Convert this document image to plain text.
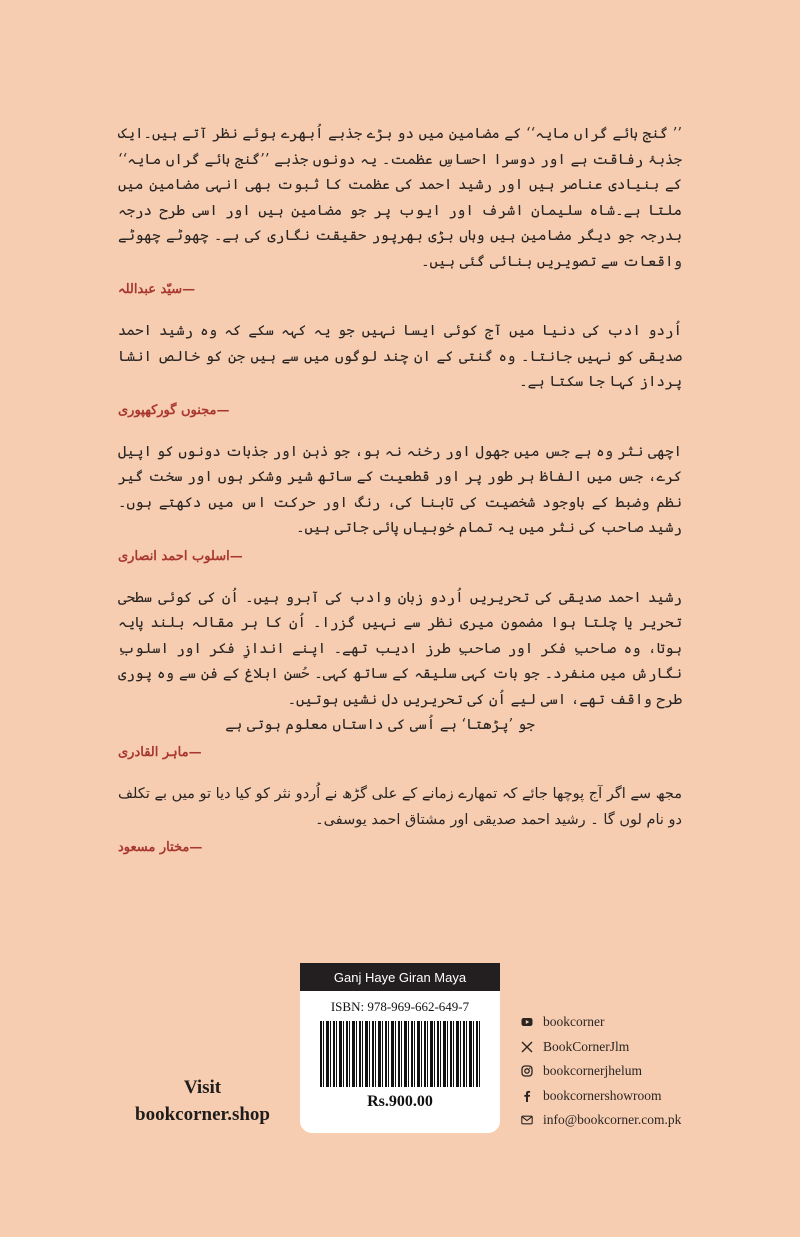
’’ گنج ہائے گراں مایہ‘‘ کے مضامین میں دو بڑے جذبے اُبھرے ہوئے نظر آتے ہیں۔ایک جذبۂ رفاقت ہے اور دوسرا احساسِ عظمت۔ یہ دونوں جذبے ’’گنج ہائے گراں مایہ‘‘ کے بنیادی عناصر ہیں اور رشید احمد کی عظمت کا ثبوت بھی انہی مضامین میں ملتا ہے۔شاہ سلیمان اشرف اور ایوب پر جو مضامین ہیں اور اسی طرح درجہ بدرجہ جو دیگر مضامین ہیں وہاں بڑی بھرپور حقیقت نگاری کی ہے۔ چھوٹے چھوٹے واقعات سے تصویریں بنائی گئی ہیں۔

—سیّد عبداللہ

اُردو ادب کی دنیا میں آج کوئی ایسا نہیں جو یہ کہہ سکے کہ وہ رشید احمد صدیقی کو نہیں جانتا۔ وہ گنتی کے ان چند لوگوں میں سے ہیں جن کو خالص انشا پرداز کہا جا سکتا ہے۔

—مجنوں گورکھپوری

اچھی نثر وہ ہے جس میں جھول اور رخنہ نہ ہو، جو ذہن اور جذبات دونوں کو اپیل کرے، جس میں الفاظ ہر طور پر اور قطعیت کے ساتھ شیر وشکر ہوں اور سخت گیر نظم وضبط کے باوجود شخصیت کی تابنا کی، رنگ اور حرکت اس میں دکھتے ہوں۔ رشید صاحب کی نثر میں یہ تمام خوبیاں پائی جاتی ہیں۔

—اسلوب احمد انصاری

رشید احمد صدیقی کی تحریریں اُردو زبان وادب کی آبرو ہیں۔ اُن کی کوئی سطحی تحریر یا چلتا ہوا مضمون میری نظر سے نہیں گزرا۔ اُن کا ہر مقالہ بلند پایہ ہوتا، وہ صاحبِ فکر اور صاحبِ طرز ادیب تھے۔ اپنے اندازِ فکر اور اسلوبِ نگارش میں منفرد۔ جو بات کہی سلیقہ کے ساتھ کہی۔ حُسنِ ابلاغ کے فن سے وہ پوری طرح واقف تھے، اسی لیے اُن کی تحریریں دل نشیں ہوتیں۔

جو ’پڑھتا‘ ہے اُسی کی داستاں معلوم ہوتی ہے

—ماہر القادری

مجھ سے اگر آج پوچھا جائے کہ تمھارے زمانے کے علی گڑھ نے اُردو نثر کو کیا دیا تو میں بے تکلف دو نام لوں گا ۔ رشید احمد صدیقی اور مشتاق احمد یوسفی۔

—مختار مسعود
Ganj Haye Giran Maya
ISBN: 978-969-662-649-7
Rs.900.00
Visit
bookcorner.shop
bookcorner
BookCornerJlm
bookcornerjhelum
bookcornershowroom
info@bookcorner.com.pk
